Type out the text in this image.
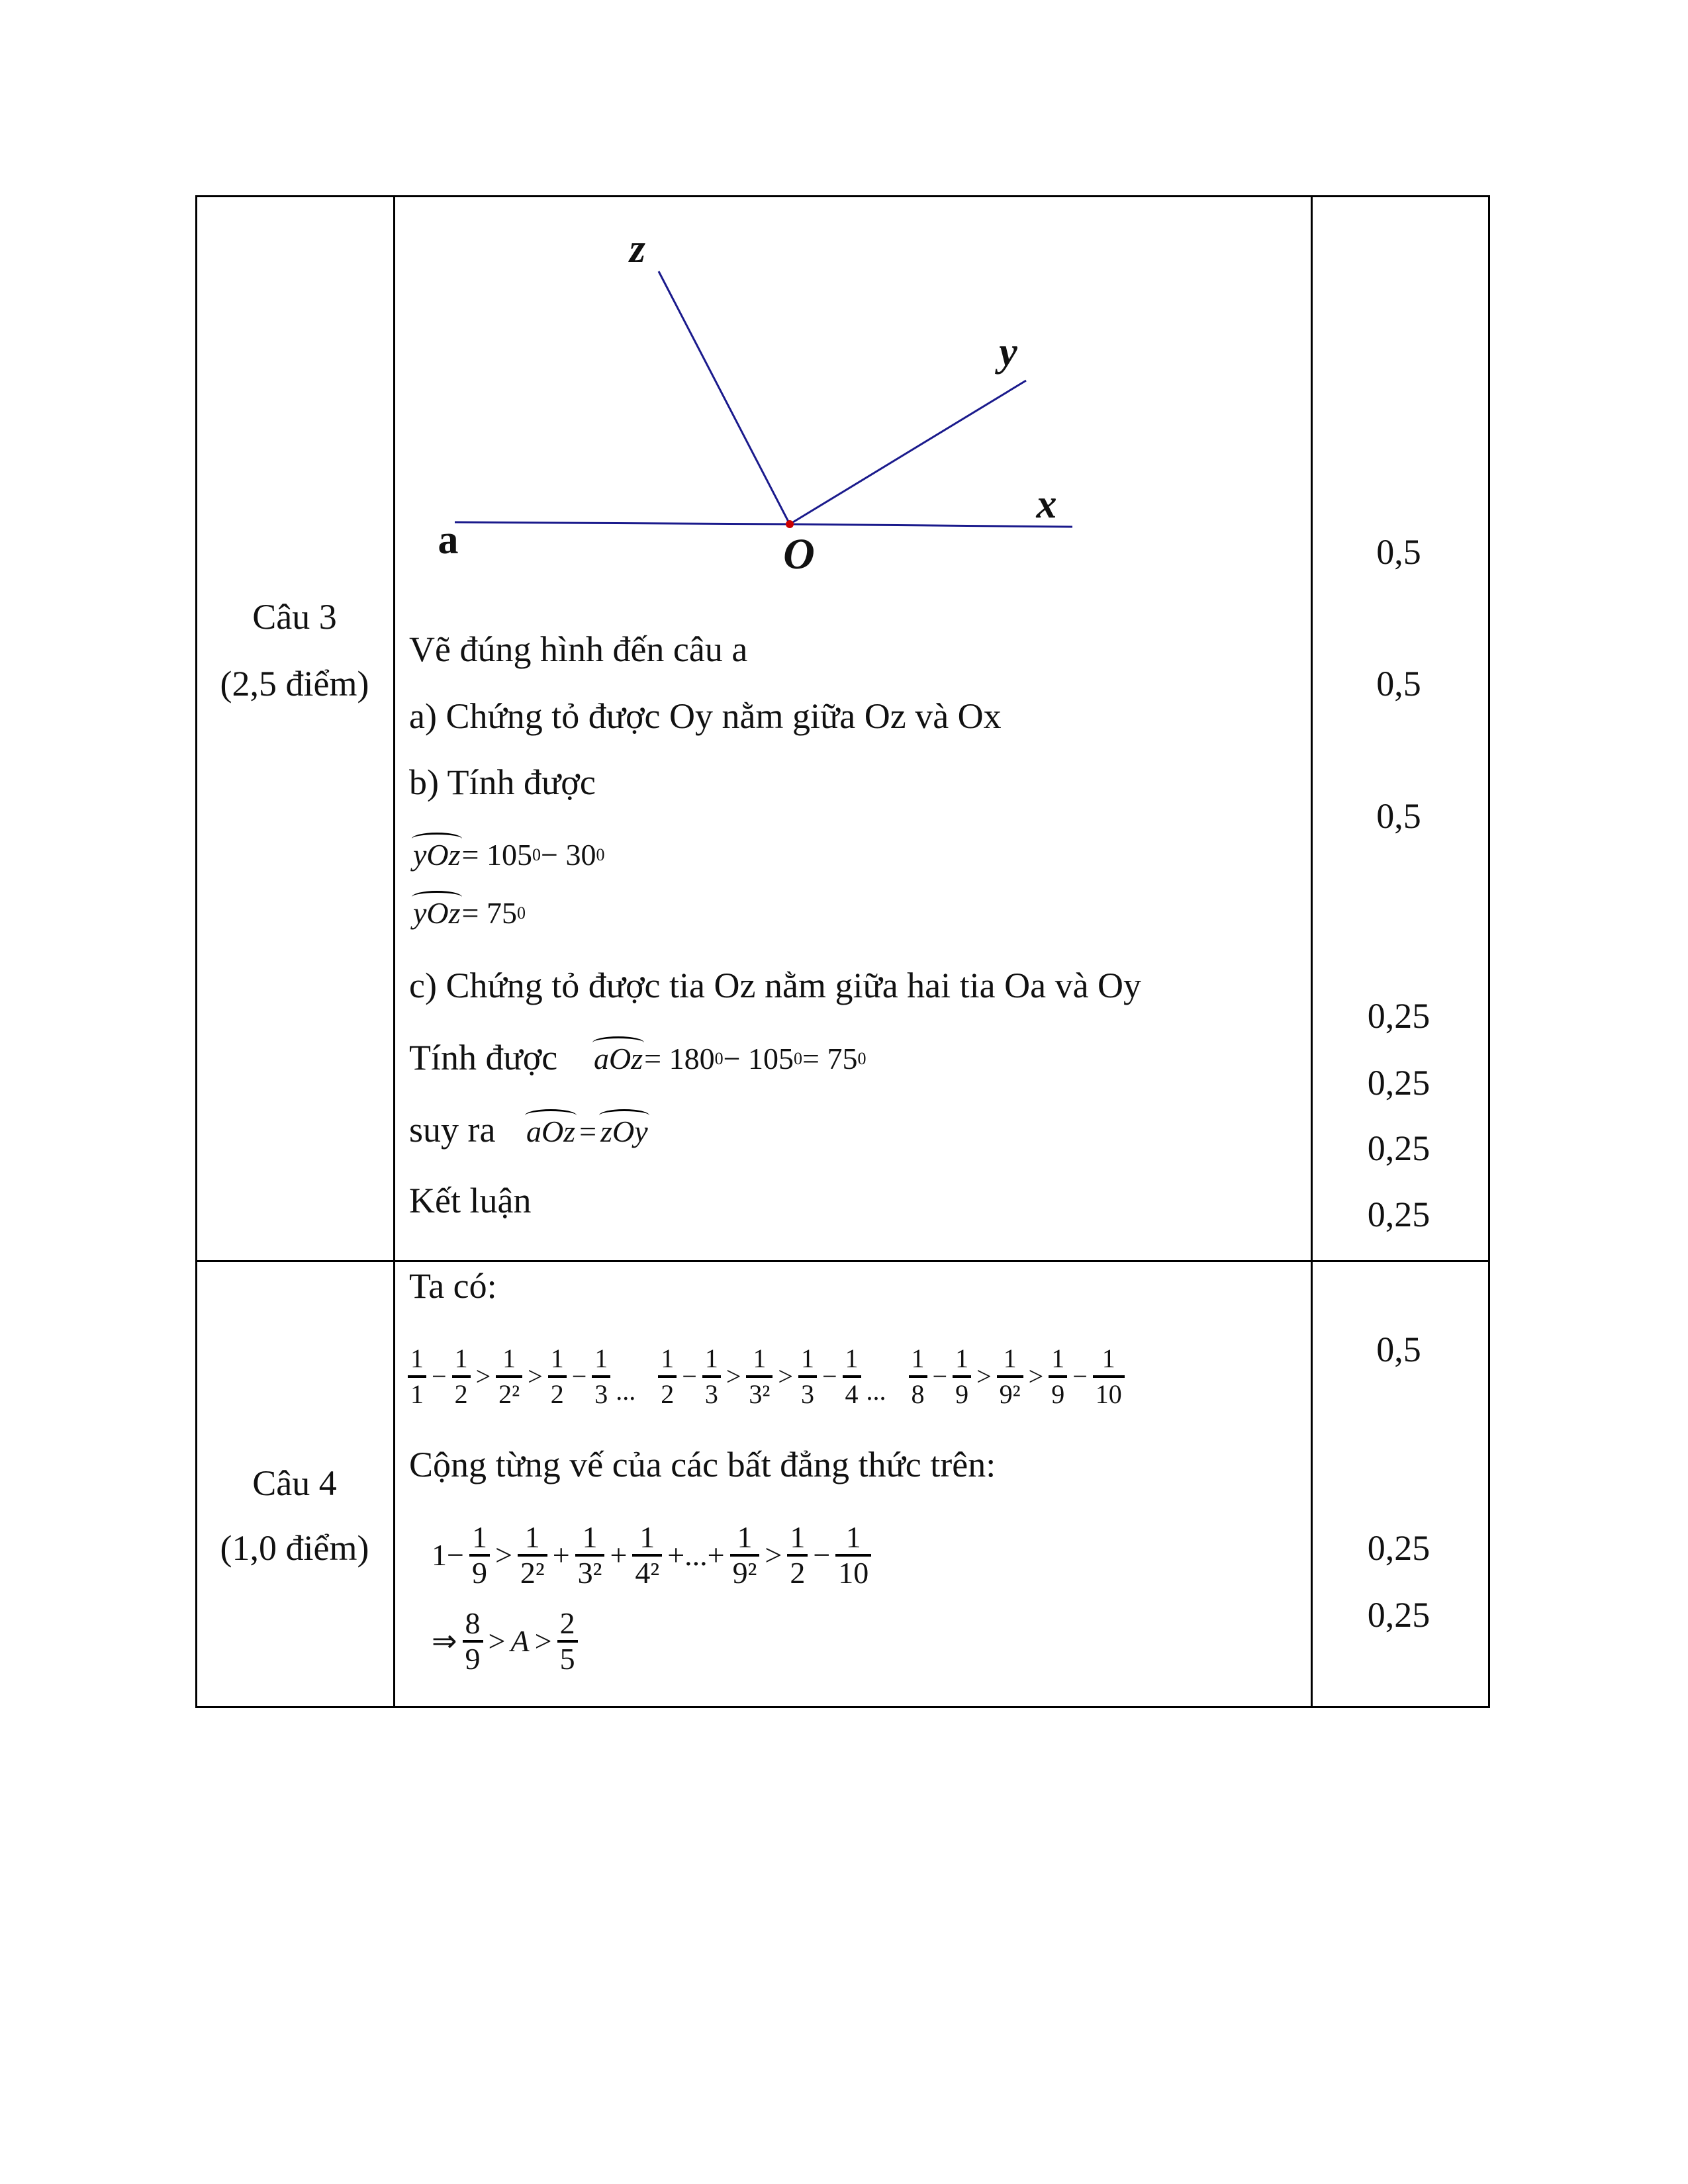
z
y
x
a	O
Câu 3
(2,5 điểm)
Vẽ đúng hình đến câu a
a) Chứng tỏ được Oy nằm giữa Oz và Ox
b) Tính được
yOz = 105 0 − 30 0
yOz = 75 0
c) Chứng tỏ được tia Oz nằm giữa hai tia Oa và Oy
Tính được aOz = 180 0 − 105 0 = 75 0
suy ra aOz = zOy
Kết luận
0,5
0,5
0,5
0,25
0,25
0,25
0,25
Câu 4
(1,0 điểm)
Ta có:
$\frac{1}{1} - \frac{1}{2} > \frac{1}{\text{2²}} > \frac{1}{2} - \frac{1}{3}$ ... $\frac{1}{2} - \frac{1}{3} > \frac{1}{\text{3²}} > \frac{1}{3} - \frac{1}{4}$ ... $\frac{1}{8} - \frac{1}{9} > \frac{1}{\text{9²}} > \frac{1}{9} - \frac{1}{10}$
Cộng từng vế của các bất đẳng thức trên:
$1- \frac{1}{9} > \frac{1}{\text{2²}} + \frac{1}{\text{3²}} + \frac{1}{\text{4²}}$ +...+ $\frac{1}{\text{9²}} > \frac{1}{2} - \frac{1}{10}$
⇒ $\frac{8}{9} > A > \frac{2}{5}$
0,5
0,25
0,25
